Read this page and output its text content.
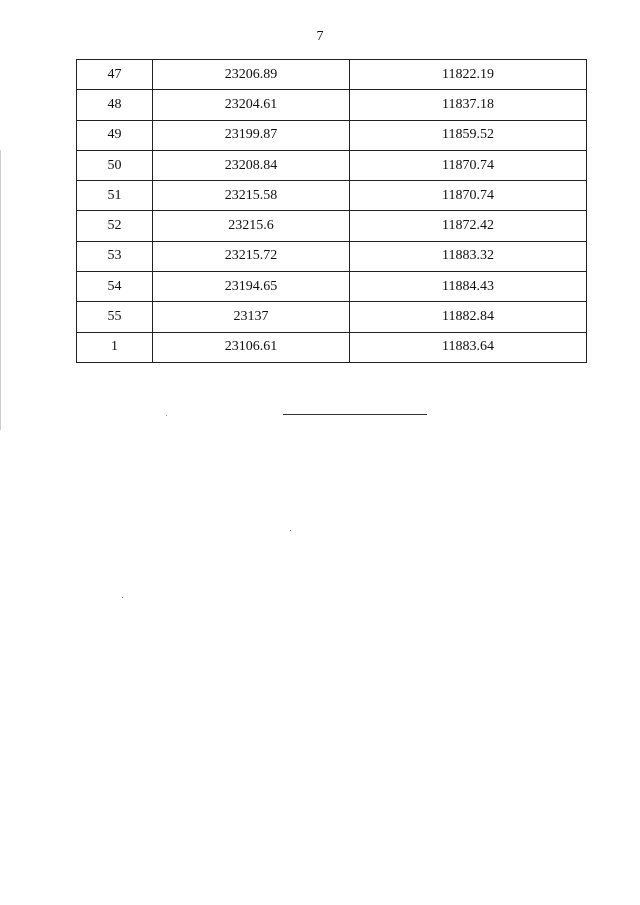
7
47	23206.89	11822.19
48	23204.61	11837.18
49	23199.87	11859.52
50	23208.84	11870.74
51	23215.58	11870.74
52	23215.6	11872.42
53	23215.72	11883.32
54	23194.65	11884.43
55	23137	11882.84
1	23106.61	11883.64
